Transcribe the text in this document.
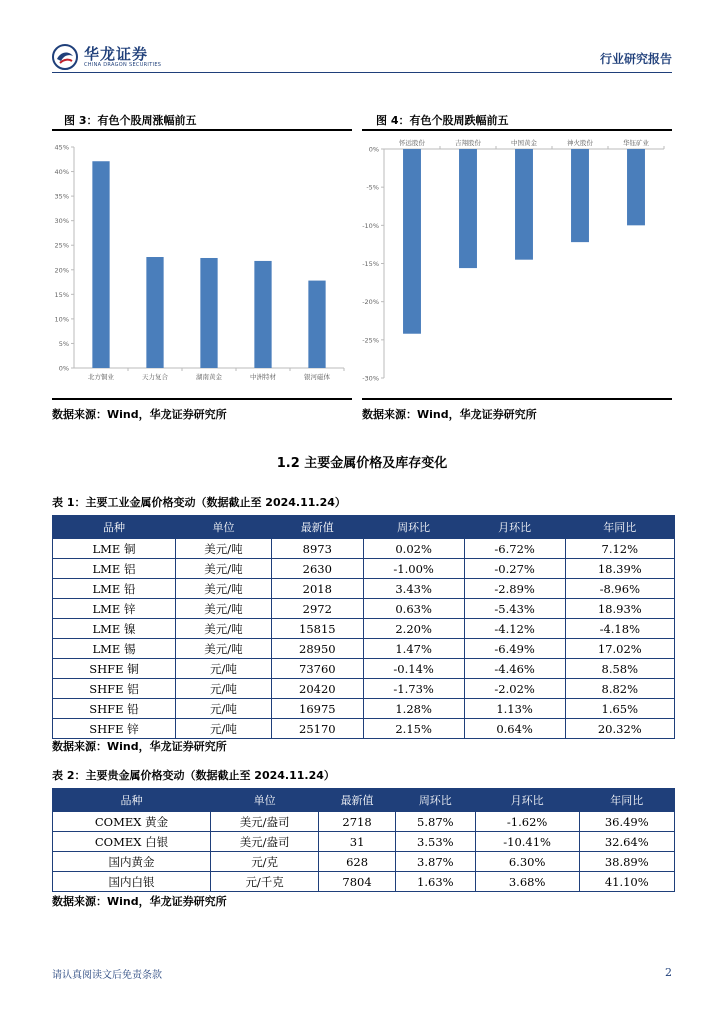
华龙证券
CHINA DRAGON SECURITIES	行业研究报告
图 3：有色个股周涨幅前五
0%
5%
10%
15%
20%
25%
30%
35%
40%
45%
北方铜业	天力复合	湖南黄金	中洲特材	银河磁体
数据来源：Wind，华龙证券研究所
图 4：有色个股周跌幅前五
0%
-5%
-10%
-15%
-20%
-25%
-30%
怀远股份	吉翔股份	中国黄金	神火股份	华钰矿业
数据来源：Wind，华龙证券研究所
1.2 主要金属价格及库存变化
表 1：主要工业金属价格变动（数据截止至 2024.11.24）
品种	单位	最新值	周环比	月环比	年同比
LME 铜	美元/吨	8973	0.02%	-6.72%	7.12%
LME 铝	美元/吨	2630	-1.00%	-0.27%	18.39%
LME 铅	美元/吨	2018	3.43%	-2.89%	-8.96%
LME 锌	美元/吨	2972	0.63%	-5.43%	18.93%
LME 镍	美元/吨	15815	2.20%	-4.12%	-4.18%
LME 锡	美元/吨	28950	1.47%	-6.49%	17.02%
SHFE 铜	元/吨	73760	-0.14%	-4.46%	8.58%
SHFE 铝	元/吨	20420	-1.73%	-2.02%	8.82%
SHFE 铅	元/吨	16975	1.28%	1.13%	1.65%
SHFE 锌	元/吨	25170	2.15%	0.64%	20.32%
数据来源：Wind，华龙证券研究所
表 2：主要贵金属价格变动（数据截止至 2024.11.24）
品种	单位	最新值	周环比	月环比	年同比
COMEX 黄金	美元/盎司	2718	5.87%	-1.62%	36.49%
COMEX 白银	美元/盎司	31	3.53%	-10.41%	32.64%
国内黄金	元/克	628	3.87%	6.30%	38.89%
国内白银	元/千克	7804	1.63%	3.68%	41.10%
数据来源：Wind，华龙证券研究所
请认真阅读文后免责条款	2
